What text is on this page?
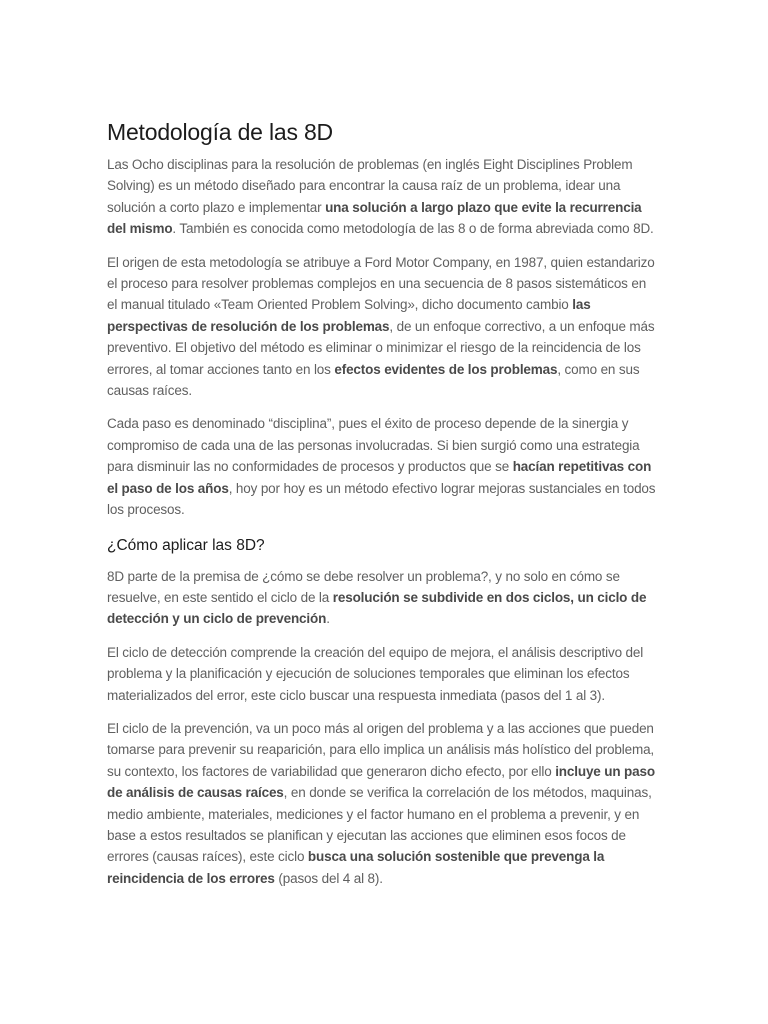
Metodología de las 8D

Las Ocho disciplinas para la resolución de problemas (en inglés Eight Disciplines Problem Solving) es un método diseñado para encontrar la causa raíz de un problema, idear una solución a corto plazo e implementar una solución a largo plazo que evite la recurrencia del mismo. También es conocida como metodología de las 8 o de forma abreviada como 8D.

El origen de esta metodología se atribuye a Ford Motor Company, en 1987, quien estandarizo el proceso para resolver problemas complejos en una secuencia de 8 pasos sistemáticos en el manual titulado «Team Oriented Problem Solving», dicho documento cambio las perspectivas de resolución de los problemas, de un enfoque correctivo, a un enfoque más preventivo. El objetivo del método es eliminar o minimizar el riesgo de la reincidencia de los errores, al tomar acciones tanto en los efectos evidentes de los problemas, como en sus causas raíces.

Cada paso es denominado “disciplina”, pues el éxito de proceso depende de la sinergia y compromiso de cada una de las personas involucradas. Si bien surgió como una estrategia para disminuir las no conformidades de procesos y productos que se hacían repetitivas con el paso de los años, hoy por hoy es un método efectivo lograr mejoras sustanciales en todos los procesos.

¿Cómo aplicar las 8D?

8D parte de la premisa de ¿cómo se debe resolver un problema?, y no solo en cómo se resuelve, en este sentido el ciclo de la resolución se subdivide en dos ciclos, un ciclo de detección y un ciclo de prevención.

El ciclo de detección comprende la creación del equipo de mejora, el análisis descriptivo del problema y la planificación y ejecución de soluciones temporales que eliminan los efectos materializados del error, este ciclo buscar una respuesta inmediata (pasos del 1 al 3).

El ciclo de la prevención, va un poco más al origen del problema y a las acciones que pueden tomarse para prevenir su reaparición, para ello implica un análisis más holístico del problema, su contexto, los factores de variabilidad que generaron dicho efecto, por ello incluye un paso de análisis de causas raíces, en donde se verifica la correlación de los métodos, maquinas, medio ambiente, materiales, mediciones y el factor humano en el problema a prevenir, y en base a estos resultados se planifican y ejecutan las acciones que eliminen esos focos de errores (causas raíces), este ciclo busca una solución sostenible que prevenga la reincidencia de los errores (pasos del 4 al 8).
